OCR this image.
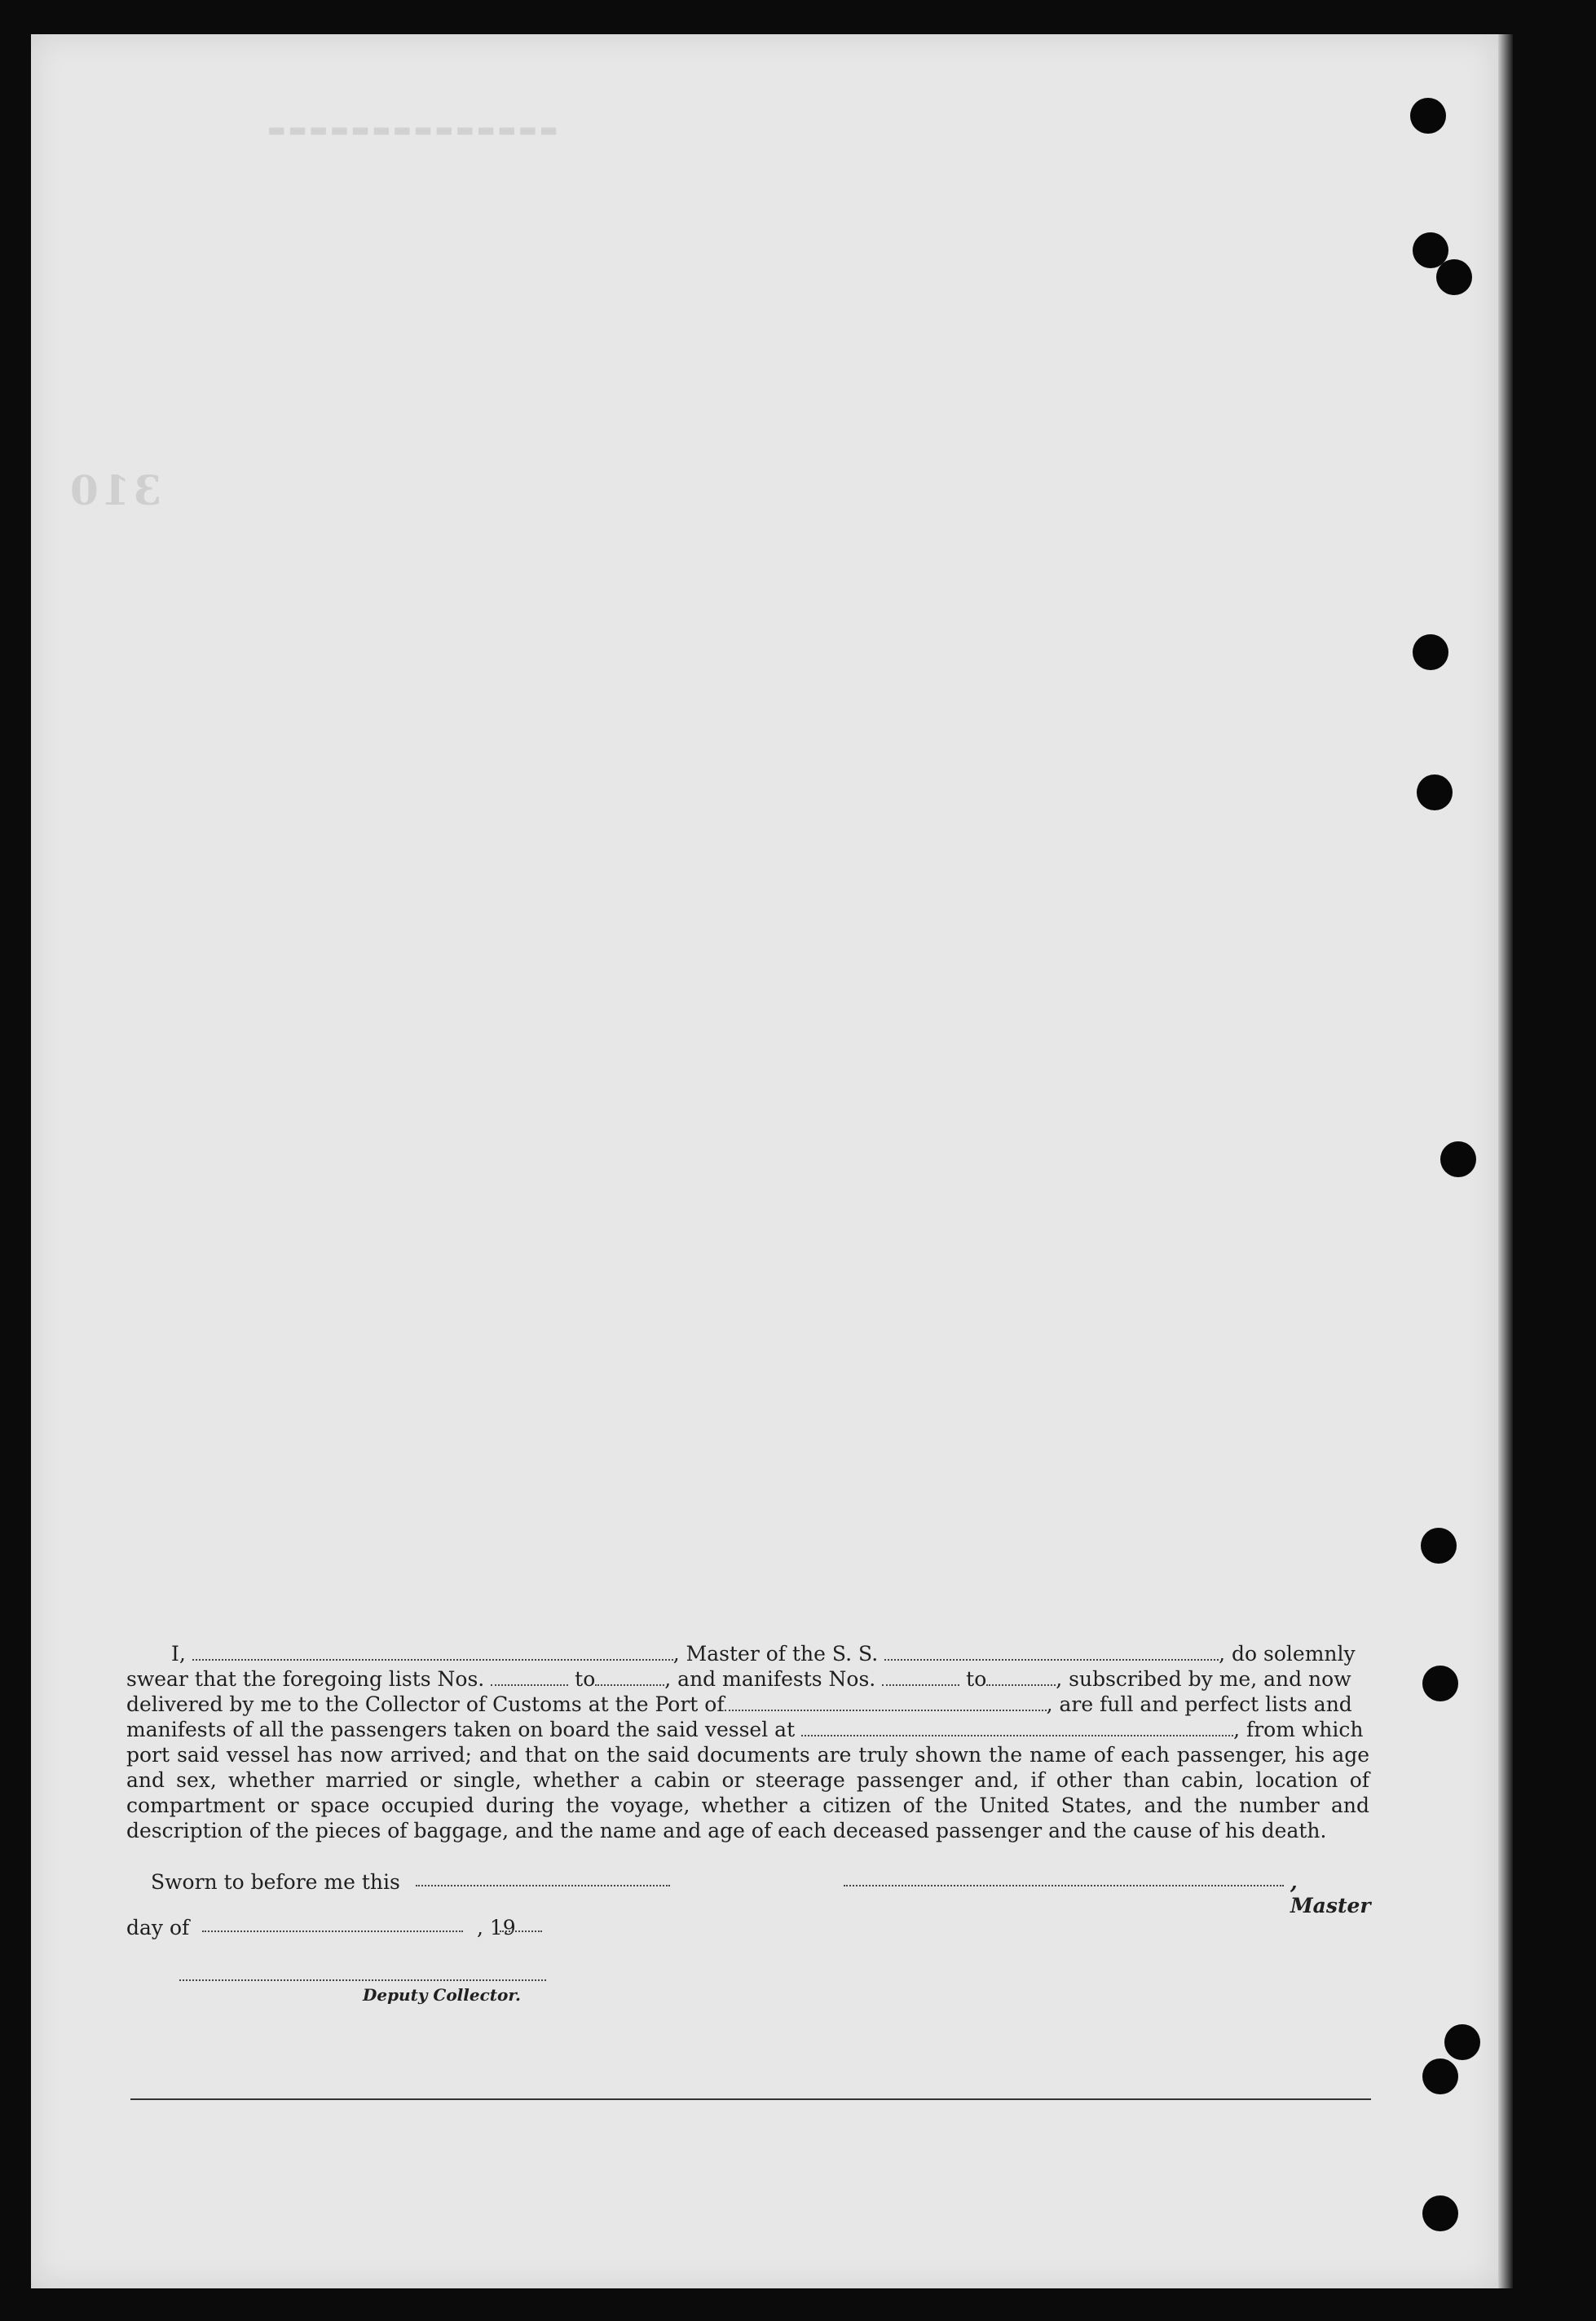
▬▬▬▬▬▬▬▬▬▬▬▬▬▬
310

I,	, Master of the S. S.	, do solemnly

swear that the foregoing lists Nos.	to	, and manifests Nos.	to	, subscribed by me, and now
delivered by me to the Collector of Customs at the Port of	, are full and perfect lists and
manifests of all the passengers taken on board the said vessel at	, from which
port said vessel has now arrived; and that on the said documents are truly shown the name of each passenger, his age and sex, whether married or single, whether a cabin or steerage passenger and, if other than cabin, location of compartment or space occupied during the voyage, whether a citizen of the United States, and the number and description of the pieces of baggage, and the name and age of each deceased passenger and the cause of his death.
Sworn to before me this	, Master
day of	, 19
Deputy Collector.
